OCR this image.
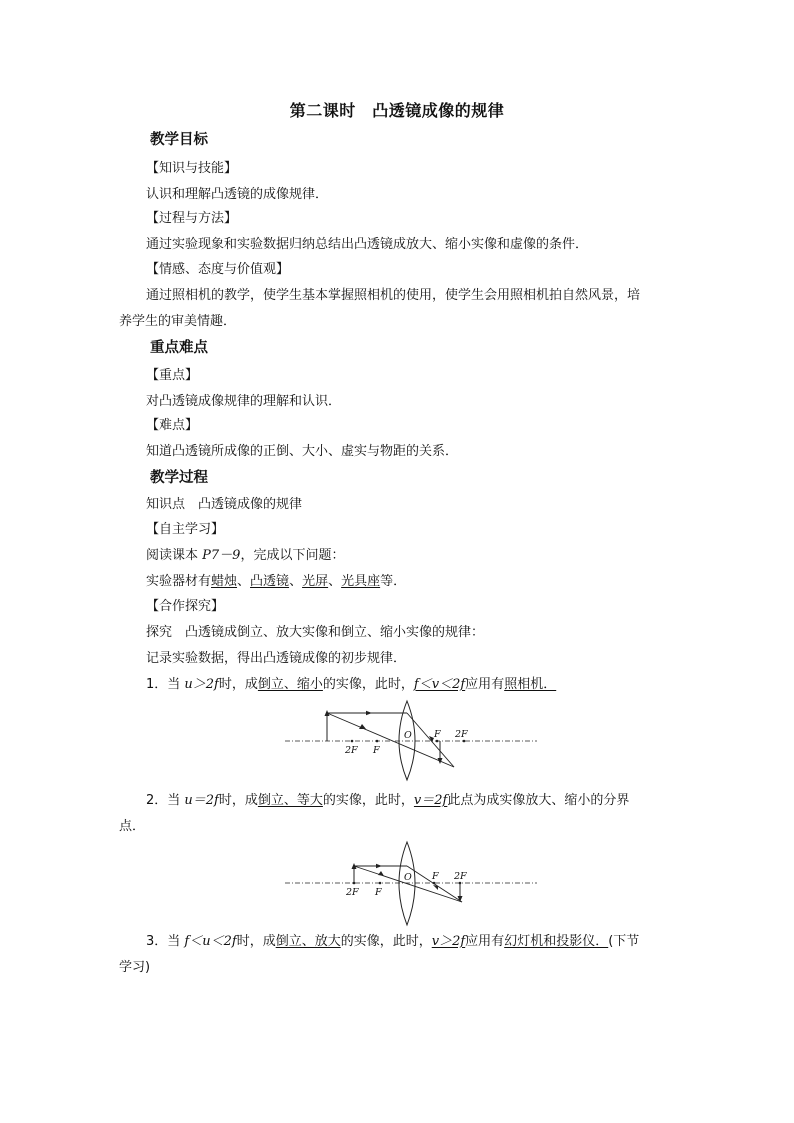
第二课时　凸透镜成像的规律
教学目标
【知识与技能】
认识和理解凸透镜的成像规律．
【过程与方法】
通过实验现象和实验数据归纳总结出凸透镜成放大、缩小实像和虚像的条件．
【情感、态度与价值观】
通过照相机的教学，使学生基本掌握照相机的使用，使学生会用照相机拍自然风景，培
养学生的审美情趣．
重点难点
【重点】
对凸透镜成像规律的理解和认识．
【难点】
知道凸透镜所成像的正倒、大小、虚实与物距的关系．
教学过程
知识点　凸透镜成像的规律
【自主学习】
阅读课本 P7－9，完成以下问题：
实验器材有蜡烛、凸透镜、光屏、光具座等．
【合作探究】
探究　凸透镜成倒立、放大实像和倒立、缩小实像的规律：
记录实验数据，得出凸透镜成像的初步规律．
1．当 u＞2f时，成倒立、缩小的实像，此时，f＜v＜2f应用有照相机．
2F F
O F 2F
2．当 u＝2f时，成倒立、等大的实像，此时，v＝2f此点为成实像放大、缩小的分界
点．
2F F
O F 2F
3．当 f＜u＜2f时，成倒立、放大的实像，此时，v＞2f应用有幻灯机和投影仪．(下节
学习)
